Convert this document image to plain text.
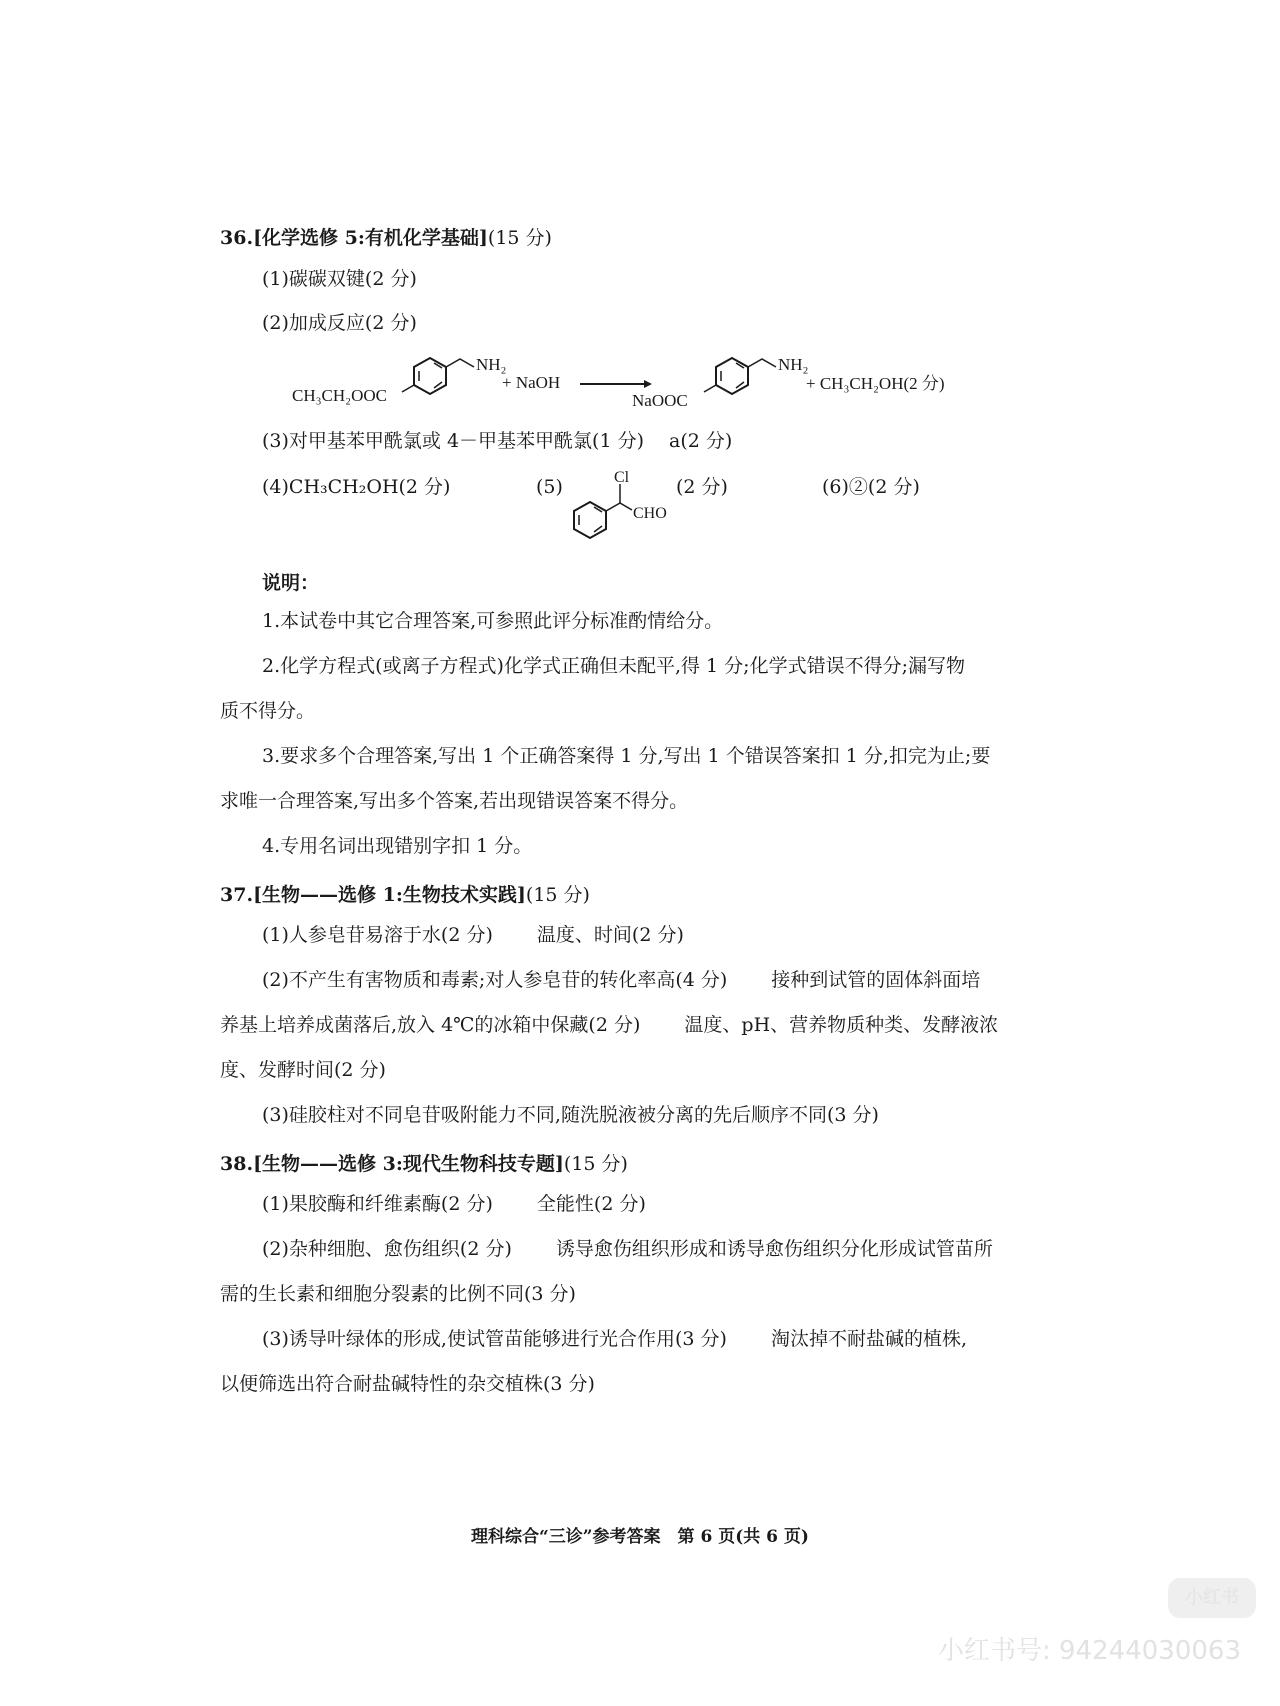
36.[化学选修 5:有机化学基础](15 分)
(1)碳碳双键(2 分)
(2)加成反应(2 分)
CH₃CH₂OOC
NH₂
+ NaOH
NaOOC
NH₂
+ CH₃CH₂OH(2 分)
(3)对甲基苯甲酰氯或 4－甲基苯甲酰氯(1 分)　 a(2 分)
(4)CH₃CH₂OH(2 分)	(5)	Cl
CHO
(2 分)	(6)②(2 分)
说明：
1.本试卷中其它合理答案,可参照此评分标准酌情给分。
2.化学方程式(或离子方程式)化学式正确但未配平,得 1 分;化学式错误不得分;漏写物
质不得分。
3.要求多个合理答案,写出 1 个正确答案得 1 分,写出 1 个错误答案扣 1 分,扣完为止;要
求唯一合理答案,写出多个答案,若出现错误答案不得分。
4.专用名词出现错别字扣 1 分。
37.[生物——选修 1:生物技术实践](15 分)
(1)人参皂苷易溶于水(2 分)　　 温度、时间(2 分)
(2)不产生有害物质和毒素;对人参皂苷的转化率高(4 分)　　 接种到试管的固体斜面培
养基上培养成菌落后,放入 4℃的冰箱中保藏(2 分)　　 温度、pH、营养物质种类、发酵液浓
度、发酵时间(2 分)
(3)硅胶柱对不同皂苷吸附能力不同,随洗脱液被分离的先后顺序不同(3 分)
38.[生物——选修 3:现代生物科技专题](15 分)
(1)果胶酶和纤维素酶(2 分)　　 全能性(2 分)
(2)杂种细胞、愈伤组织(2 分)　　 诱导愈伤组织形成和诱导愈伤组织分化形成试管苗所
需的生长素和细胞分裂素的比例不同(3 分)
(3)诱导叶绿体的形成,使试管苗能够进行光合作用(3 分)　　 淘汰掉不耐盐碱的植株,
以便筛选出符合耐盐碱特性的杂交植株(3 分)
理科综合“三诊”参考答案　第 6 页(共 6 页)
小红书
小红书号: 94244030063
